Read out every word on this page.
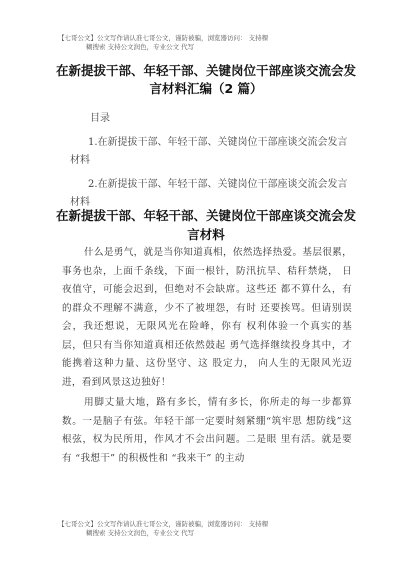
【七哥公文】公文写作请认准七哥公文，谨防被骗，浏览器访问： 支持稞
糊搜索 支持公文润色，专业公文 代写
在新提拔干部、年轻干部、关键岗位干部座谈交流会发言材料汇编（2 篇）
目录
1.在新提拔干部、年轻干部、关键岗位干部座谈交流会发言材料
2.在新提拔干部、年轻干部、关键岗位干部座谈交流会发言材料
在新提拔干部、年轻干部、关键岗位干部座谈交流会发言材料

什么是勇气，就是当你知道真相，依然选择热爱。基层很累，事务也杂，上面千条线，下面一根针，防汛抗旱、秸秆禁烧， 日夜值守，可能会迟到，但绝对不会缺席。这些还 都不算什么，有的群众不理解不满意，少不了被埋怨，有时 还要挨骂。但请别误会，我还想说，无限风光在险峰，你有 权利体验一个真实的基层，但只有当你知道真相还依然鼓起 勇气选择继续投身其中，才能携着这种力量、这份坚守、这 股定力， 向人生的无限风光迈进，看到风景这边独好！

用脚丈量大地，路有多长，情有多长，你所走的每一步都算数。一是脑子有弦。年轻干部一定要时刻紧绷“筑牢思 想防线”这根弦，权为民所用，作风才不会出问题。二是眼 里有活。就是要有 “我想干” 的积极性和 “我来干” 的主动

【七哥公文】公文写作请认准七哥公文，谨防被骗，浏览器访问： 支持稞
糊搜索 支持公文润色，专业公文 代写
